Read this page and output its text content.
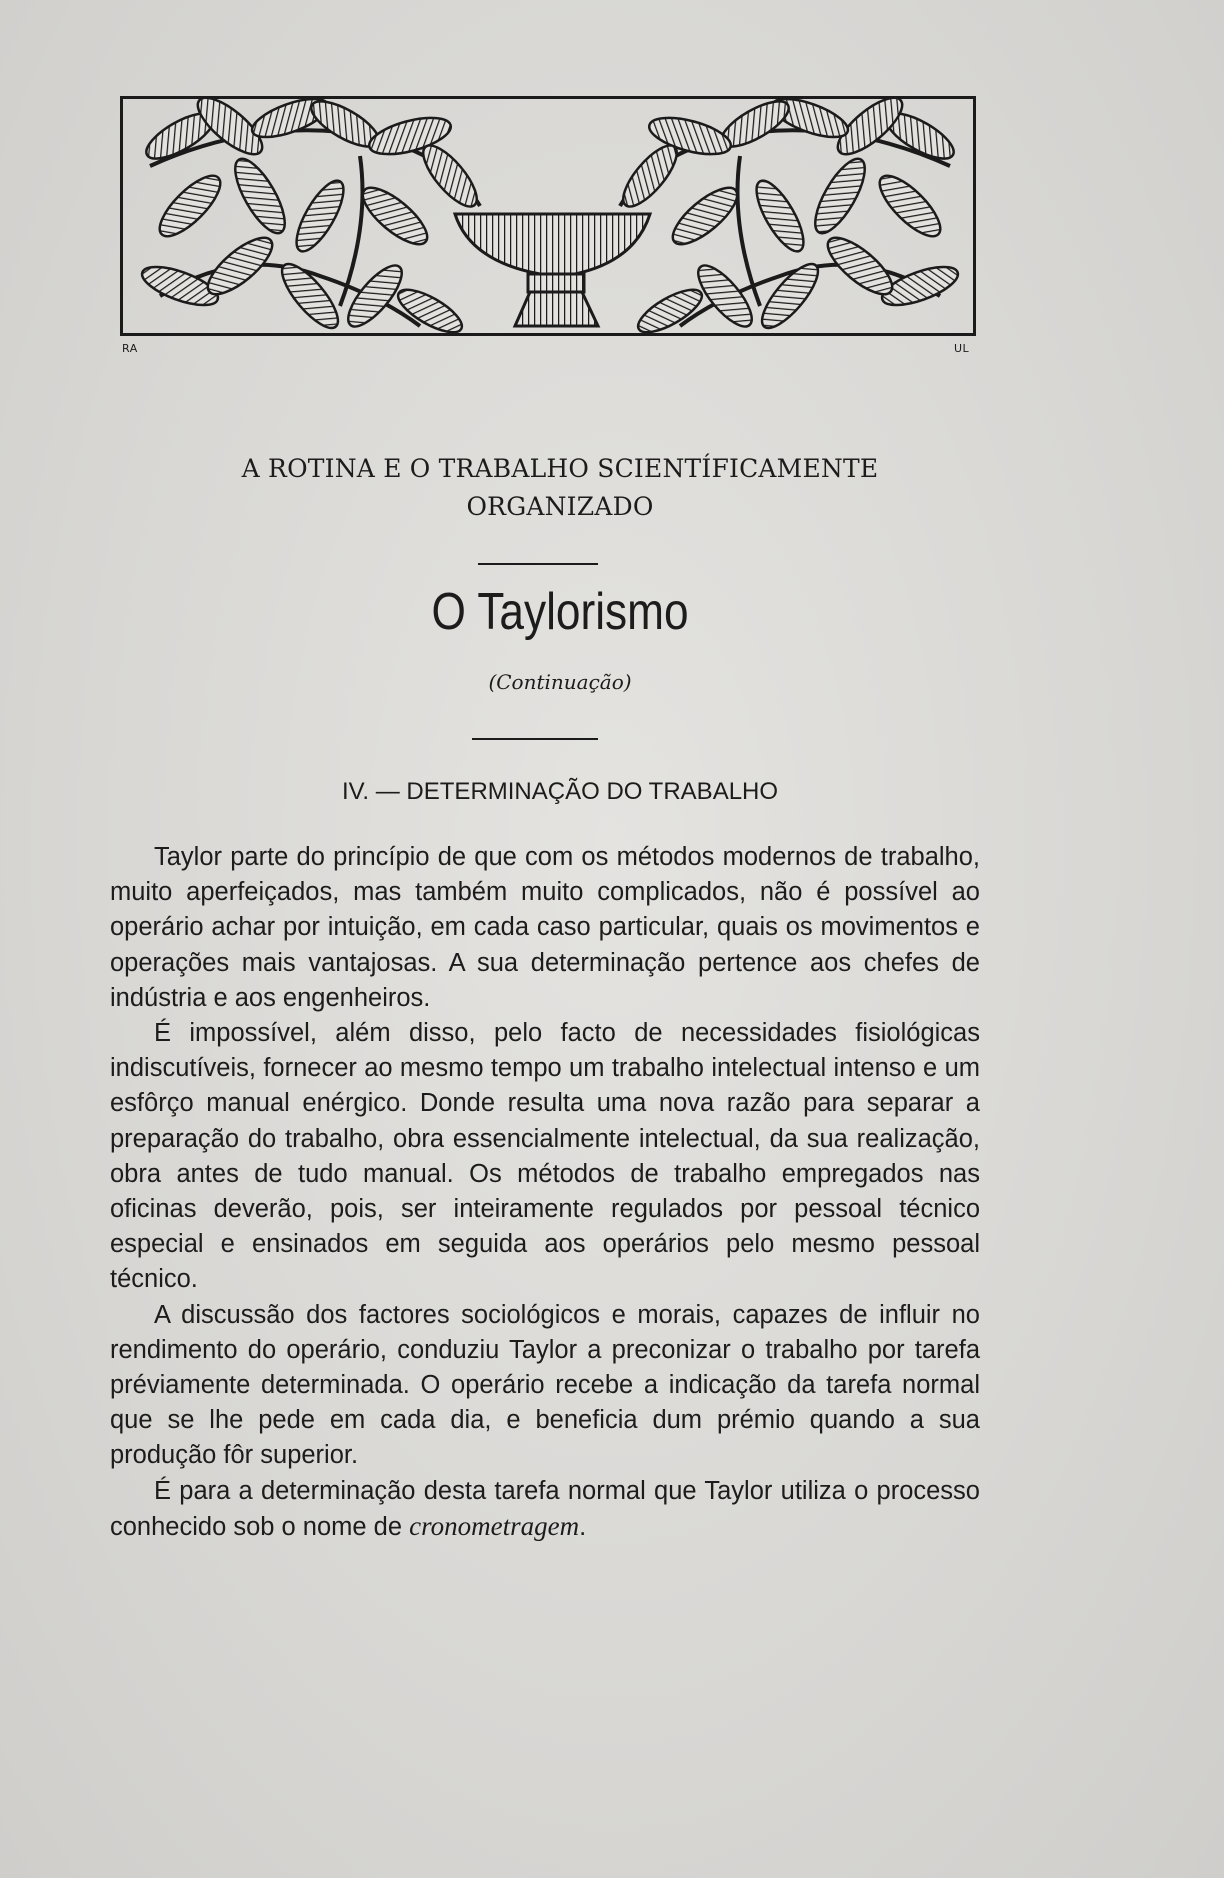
RA	UL
A ROTINA E O TRABALHO SCIENTÍFICAMENTE
ORGANIZADO
O Taylorismo
(Continuação)
IV. — DETERMINAÇÃO DO TRABALHO

Taylor parte do princípio de que com os métodos modernos de trabalho, muito aperfeiçados, mas também muito complicados, não é possível ao operário achar por intuição, em cada caso particular, quais os movimentos e operações mais vantajosas. A sua determinação pertence aos chefes de indústria e aos engenheiros.

É impossível, além disso, pelo facto de necessidades fisiológicas indiscutíveis, fornecer ao mesmo tempo um trabalho intelectual intenso e um esfôrço manual enérgico. Donde resulta uma nova razão para separar a preparação do trabalho, obra essencialmente intelectual, da sua realização, obra antes de tudo manual. Os métodos de trabalho empregados nas oficinas deverão, pois, ser inteiramente regulados por pessoal técnico especial e ensinados em seguida aos operários pelo mesmo pessoal técnico.

A discussão dos factores sociológicos e morais, capazes de influir no rendimento do operário, conduziu Taylor a preconizar o trabalho por tarefa préviamente determinada. O operário recebe a indicação da tarefa normal que se lhe pede em cada dia, e beneficia dum prémio quando a sua produção fôr superior.

É para a determinação desta tarefa normal que Taylor utiliza o processo conhecido sob o nome de cronometragem.
